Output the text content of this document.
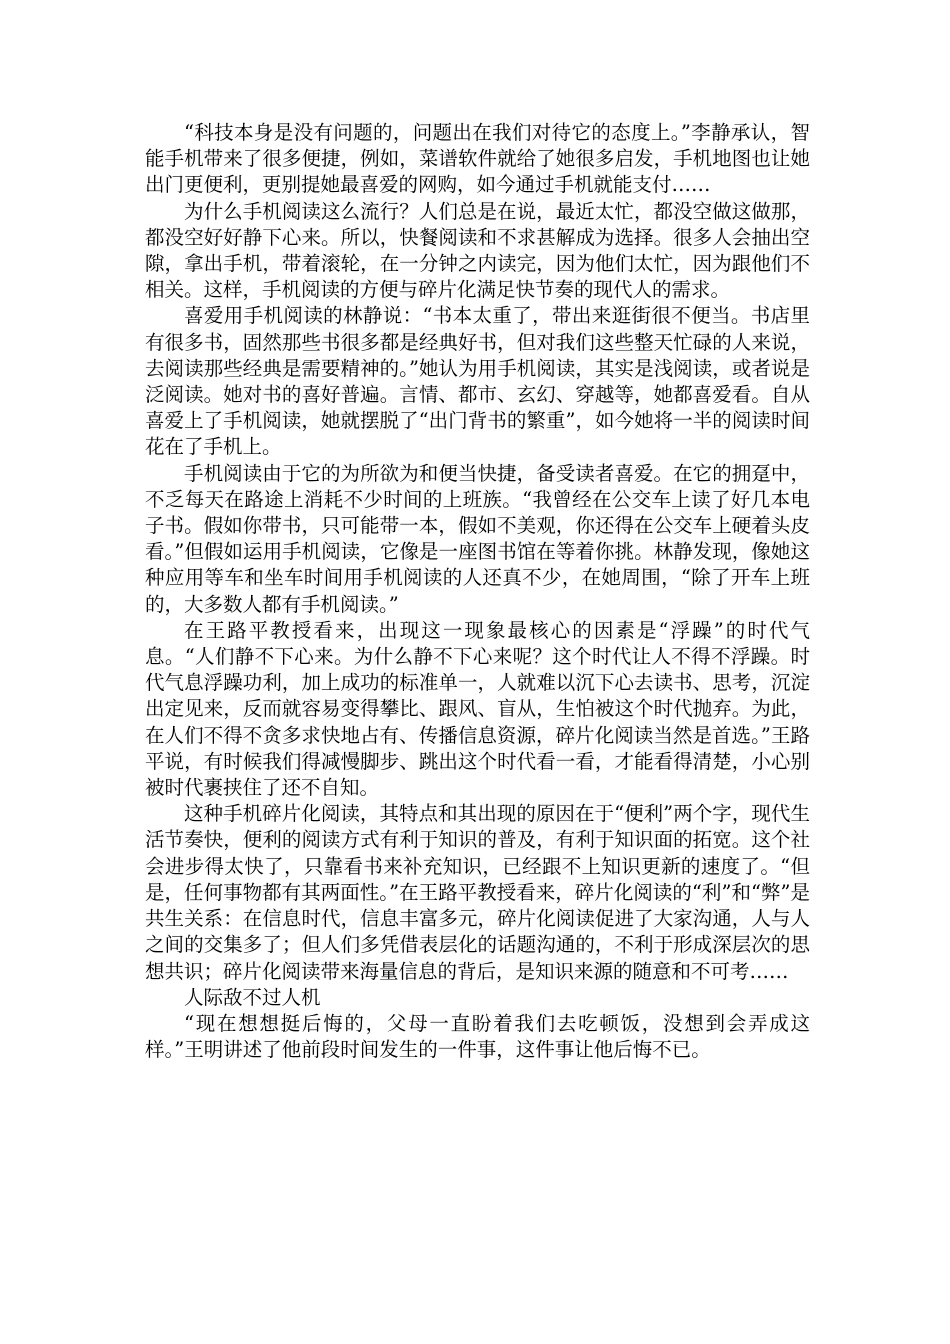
“科技本身是没有问题的，问题出在我们对待它的态度上。”李静承认，智能手机带来了很多便捷，例如，菜谱软件就给了她很多启发，手机地图也让她出门更便利，更别提她最喜爱的网购，如今通过手机就能支付……

为什么手机阅读这么流行？人们总是在说，最近太忙，都没空做这做那，都没空好好静下心来。所以，快餐阅读和不求甚解成为选择。很多人会抽出空隙，拿出手机，带着滚轮，在一分钟之内读完，因为他们太忙，因为跟他们不相关。这样，手机阅读的方便与碎片化满足快节奏的现代人的需求。

喜爱用手机阅读的林静说：“书本太重了，带出来逛街很不便当。书店里有很多书，固然那些书很多都是经典好书，但对我们这些整天忙碌的人来说，去阅读那些经典是需要精神的。”她认为用手机阅读，其实是浅阅读，或者说是泛阅读。她对书的喜好普遍。言情、都市、玄幻、穿越等，她都喜爱看。自从喜爱上了手机阅读，她就摆脱了“出门背书的繁重”，如今她将一半的阅读时间花在了手机上。

手机阅读由于它的为所欲为和便当快捷，备受读者喜爱。在它的拥趸中，不乏每天在路途上消耗不少时间的上班族。“我曾经在公交车上读了好几本电子书。假如你带书，只可能带一本，假如不美观，你还得在公交车上硬着头皮看。”但假如运用手机阅读，它像是一座图书馆在等着你挑。林静发现，像她这种应用等车和坐车时间用手机阅读的人还真不少，在她周围，“除了开车上班的，大多数人都有手机阅读。”

在王路平教授看来，出现这一现象最核心的因素是“浮躁”的时代气息。“人们静不下心来。为什么静不下心来呢？这个时代让人不得不浮躁。时代气息浮躁功利，加上成功的标准单一，人就难以沉下心去读书、思考，沉淀出定见来，反而就容易变得攀比、跟风、盲从，生怕被这个时代抛弃。为此，在人们不得不贪多求快地占有、传播信息资源，碎片化阅读当然是首选。”王路平说，有时候我们得减慢脚步、跳出这个时代看一看，才能看得清楚，小心别被时代裹挟住了还不自知。

这种手机碎片化阅读，其特点和其出现的原因在于“便利”两个字，现代生活节奏快，便利的阅读方式有利于知识的普及，有利于知识面的拓宽。这个社会进步得太快了，只靠看书来补充知识，已经跟不上知识更新的速度了。“但是，任何事物都有其两面性。”在王路平教授看来，碎片化阅读的“利”和“弊”是共生关系：在信息时代，信息丰富多元，碎片化阅读促进了大家沟通，人与人之间的交集多了；但人们多凭借表层化的话题沟通的，不利于形成深层次的思想共识；碎片化阅读带来海量信息的背后，是知识来源的随意和不可考……

人际敌不过人机

“现在想想挺后悔的，父母一直盼着我们去吃顿饭，没想到会弄成这样。”王明讲述了他前段时间发生的一件事，这件事让他后悔不已。
